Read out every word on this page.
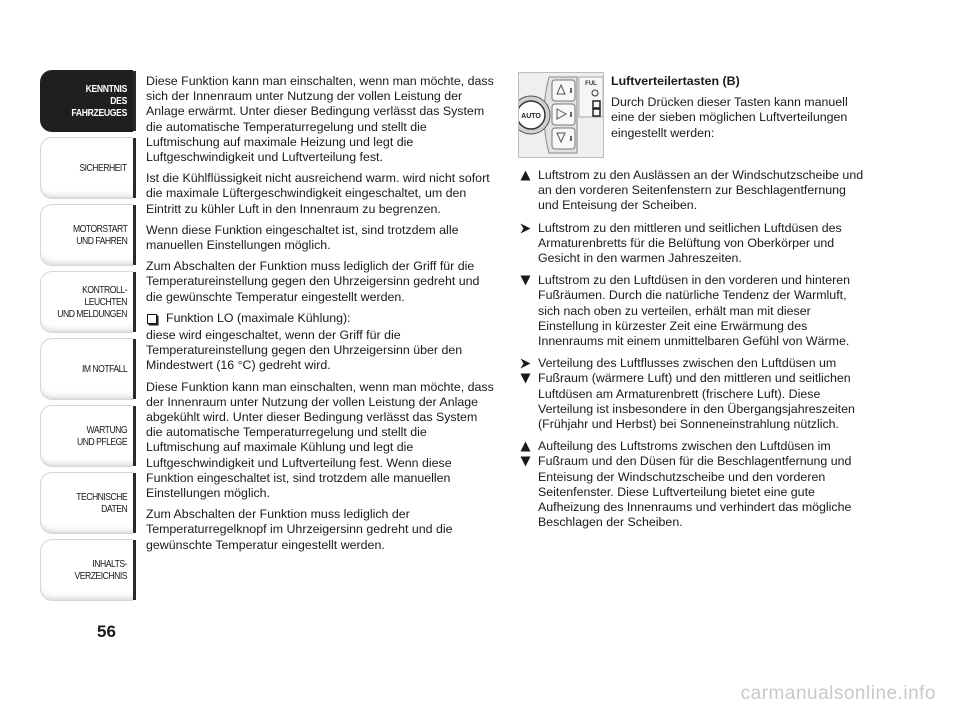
KENNTNIS
DES FAHRZEUGES
SICHERHEIT
MOTORSTART
UND FAHREN
KONTROLL-
LEUCHTEN
UND MELDUNGEN
IM NOTFALL
WARTUNG
UND PFLEGE
TECHNISCHE
DATEN
INHALTS-
VERZEICHNIS
56

Diese Funktion kann man einschalten, wenn man möchte, dass sich der Innenraum unter Nutzung der vollen Leistung der Anlage erwärmt. Unter dieser Bedingung verlässt das System die automatische Temperaturregelung und stellt die Luftmischung auf maximale Heizung und legt die Luftgeschwindigkeit und Luftverteilung fest.

Ist die Kühlflüssigkeit nicht ausreichend warm. wird nicht sofort die maximale Lüftergeschwindigkeit eingeschaltet, um den Eintritt zu kühler Luft in den Innenraum zu begrenzen.

Wenn diese Funktion eingeschaltet ist, sind trotzdem alle manuellen Einstellungen möglich.

Zum Abschalten der Funktion muss lediglich der Griff für die Temperatureinstellung gegen den Uhrzeigersinn gedreht und die gewünschte Temperatur eingestellt werden.

Funktion LO (maximale Kühlung):

diese wird eingeschaltet, wenn der Griff für die Temperatureinstellung gegen den Uhrzeigersinn über den Mindestwert (16 °C) gedreht wird.

Diese Funktion kann man einschalten, wenn man möchte, dass der Innenraum unter Nutzung der vollen Leistung der Anlage abgekühlt wird. Unter dieser Bedingung verlässt das System die automatische Temperaturregelung und stellt die Luftmischung auf maximale Kühlung und legt die Luftgeschwindigkeit und Luftverteilung fest. Wenn diese Funktion eingeschaltet ist, sind trotzdem alle manuellen Einstellungen möglich.

Zum Abschalten der Funktion muss lediglich der Temperaturregelknopf im Uhrzeigersinn gedreht und die gewünschte Temperatur eingestellt werden.

AUTO
FUL Luftverteilertasten (B)

Durch Drücken dieser Tasten kann manuell eine der sieben möglichen Luftverteilungen eingestellt werden:

Luftstrom zu den Auslässen an der Windschutzscheibe und an den vorderen Seitenfenstern zur Beschlagentfernung und Enteisung der Scheiben.
Luftstrom zu den mittleren und seitlichen Luftdüsen des Armaturenbretts für die Belüftung von Oberkörper und Gesicht in den warmen Jahreszeiten.
Luftstrom zu den Luftdüsen in den vorderen und hinteren Fußräumen. Durch die natürliche Tendenz der Warmluft, sich nach oben zu verteilen, erhält man mit dieser Einstellung in kürzester Zeit eine Erwärmung des Innenraums mit einem unmittelbaren Gefühl von Wärme.
Verteilung des Luftflusses zwischen den Luftdüsen um Fußraum (wärmere Luft) und den mittleren und seitlichen Luftdüsen am Armaturenbrett (frischere Luft). Diese Verteilung ist insbesondere in den Übergangsjahreszeiten (Frühjahr und Herbst) bei Sonneneinstrahlung nützlich.
Aufteilung des Luftstroms zwischen den Luftdüsen im Fußraum und den Düsen für die Beschlagentfernung und Enteisung der Windschutzscheibe und den vorderen Seitenfenster. Diese Luftverteilung bietet eine gute Aufheizung des Innenraums und verhindert das mögliche Beschlagen der Scheiben.
carmanualsonline.info
